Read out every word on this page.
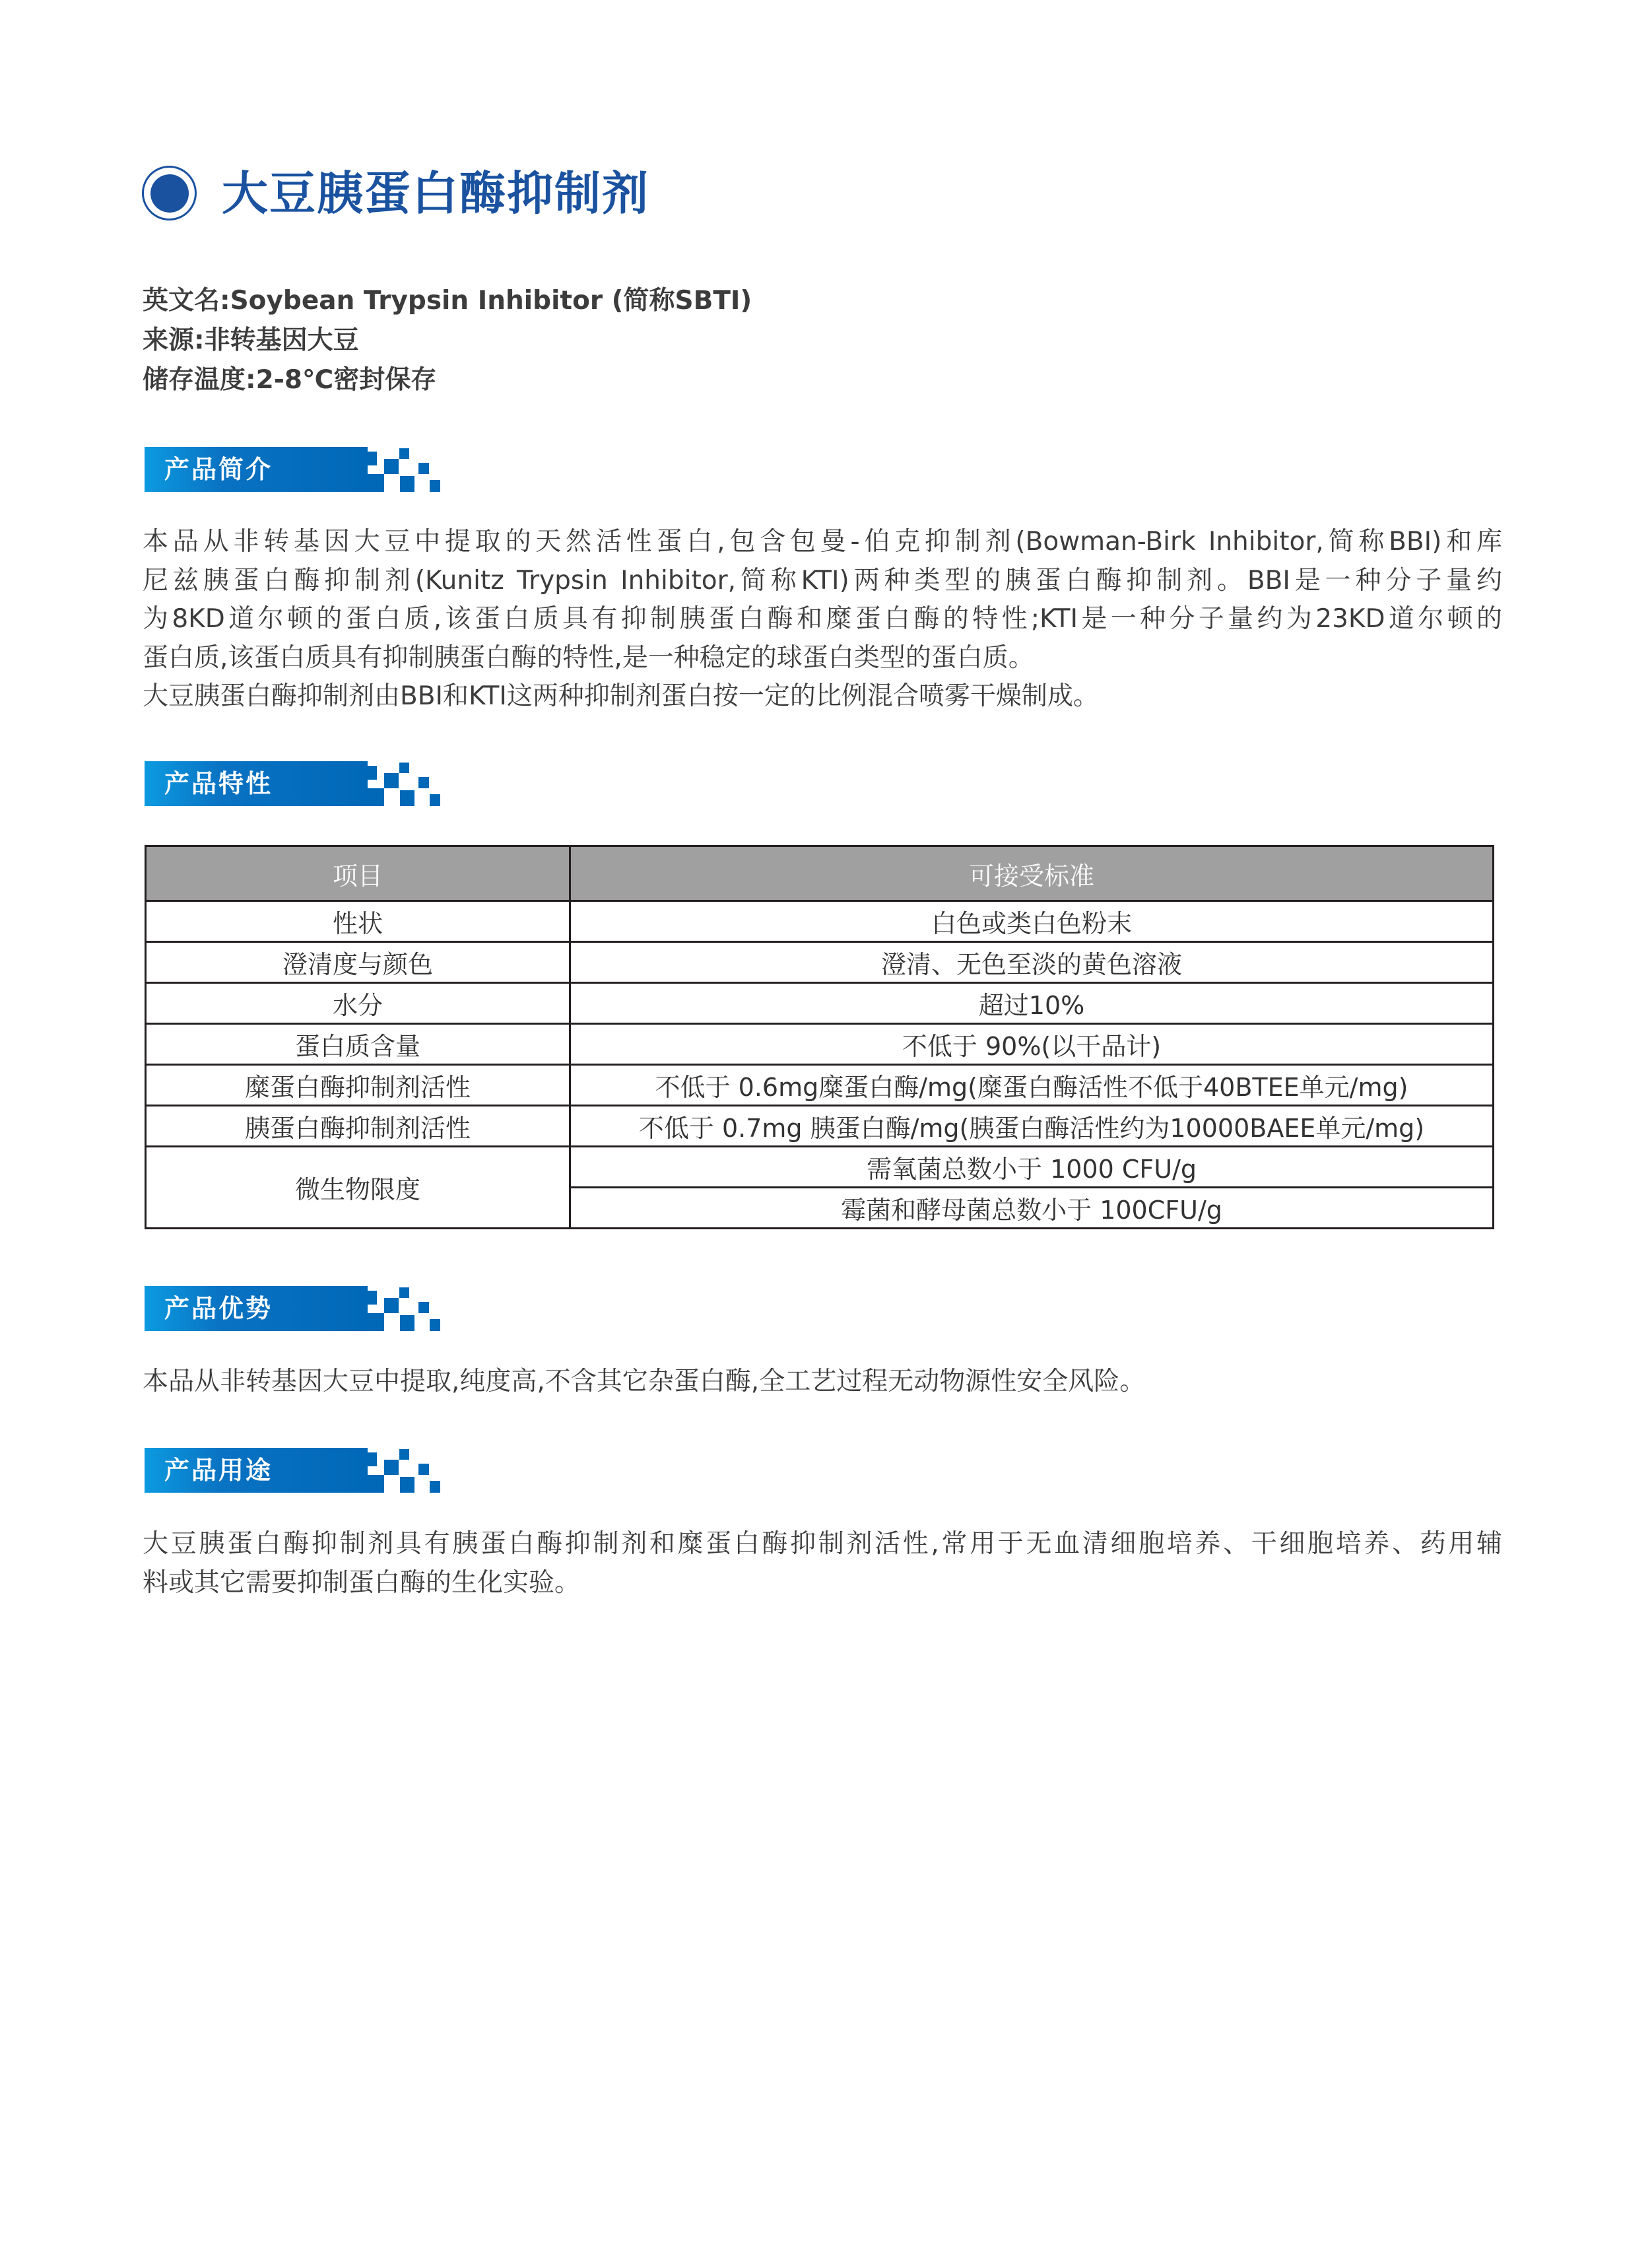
大豆胰蛋白酶抑制剂
英文名:Soybean Trypsin Inhibitor (简称SBTI)
来源:非转基因大豆
储存温度:2-8℃密封保存
产品简介
本品从非转基因大豆中提取的天然活性蛋白,包含包曼-伯克抑制剂(Bowman-Birk Inhibitor,简称BBI)和库
尼兹胰蛋白酶抑制剂(Kunitz Trypsin Inhibitor,简称KTI)两种类型的胰蛋白酶抑制剂。BBI是一种分子量约
为8KD道尔顿的蛋白质,该蛋白质具有抑制胰蛋白酶和糜蛋白酶的特性;KTI是一种分子量约为23KD道尔顿的
蛋白质,该蛋白质具有抑制胰蛋白酶的特性,是一种稳定的球蛋白类型的蛋白质。
大豆胰蛋白酶抑制剂由BBI和KTI这两种抑制剂蛋白按一定的比例混合喷雾干燥制成。
产品特性
项目	可接受标准
性状	白色或类白色粉末
澄清度与颜色	澄清、无色至淡的黄色溶液
水分	超过10%
蛋白质含量	不低于 90%(以干品计)
糜蛋白酶抑制剂活性	不低于 0.6mg糜蛋白酶/mg(糜蛋白酶活性不低于40BTEE单元/mg)
胰蛋白酶抑制剂活性	不低于 0.7mg 胰蛋白酶/mg(胰蛋白酶活性约为10000BAEE单元/mg)
微生物限度	需氧菌总数小于 1000 CFU/g
	霉菌和酵母菌总数小于 100CFU/g
产品优势
本品从非转基因大豆中提取,纯度高,不含其它杂蛋白酶,全工艺过程无动物源性安全风险。
产品用途
大豆胰蛋白酶抑制剂具有胰蛋白酶抑制剂和糜蛋白酶抑制剂活性,常用于无血清细胞培养、干细胞培养、药用辅
料或其它需要抑制蛋白酶的生化实验。
